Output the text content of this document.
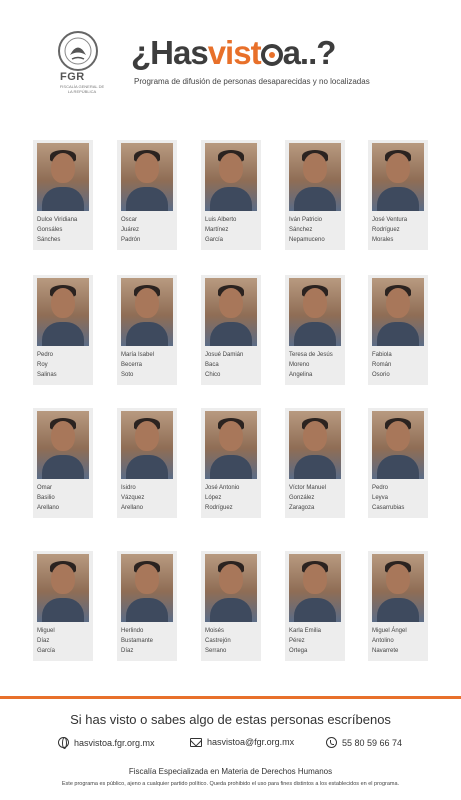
FGR
FISCALÍA GENERAL DE LA REPÚBLICA
¿Hasvist a..?
Programa de difusión de personas desaparecidas y no localizadas
Dulce Viridiana
Gonsáles
Sánches
Oscar
Juárez
Padrón
Luis Alberto
Martínez
García
Iván Patricio
Sánchez
Nepamuceno
José Ventura
Rodríguez
Morales
Pedro
Roy
Salinas
María Isabel
Becerra
Soto
Josué Damián
Baca
Chico
Teresa de Jesús
Moreno
Angelina
Fabiola
Román
Osorio
Omar
Basilio
Arellano
Isidro
Vázquez
Arellano
José Antonio
López
Rodríguez
Víctor Manuel
González
Zaragoza
Pedro
Leyva
Casarrubias
Miguel
Díaz
García
Herlindo
Bustamante
Díaz
Moisés
Castrejón
Serrano
Karla Emilia
Pérez
Ortega
Miguel Ángel
Antolino
Navarrete
Si has visto o sabes algo de estas personas escríbenos
hasvistoa.fgr.org.mx	hasvistoa@fgr.org.mx	55 80 59 66 74
Fiscalía Especializada en Materia de Derechos Humanos
Este programa es público, ajeno a cualquier partido político. Queda prohibido el uso para fines distintos a los establecidos en el programa.
